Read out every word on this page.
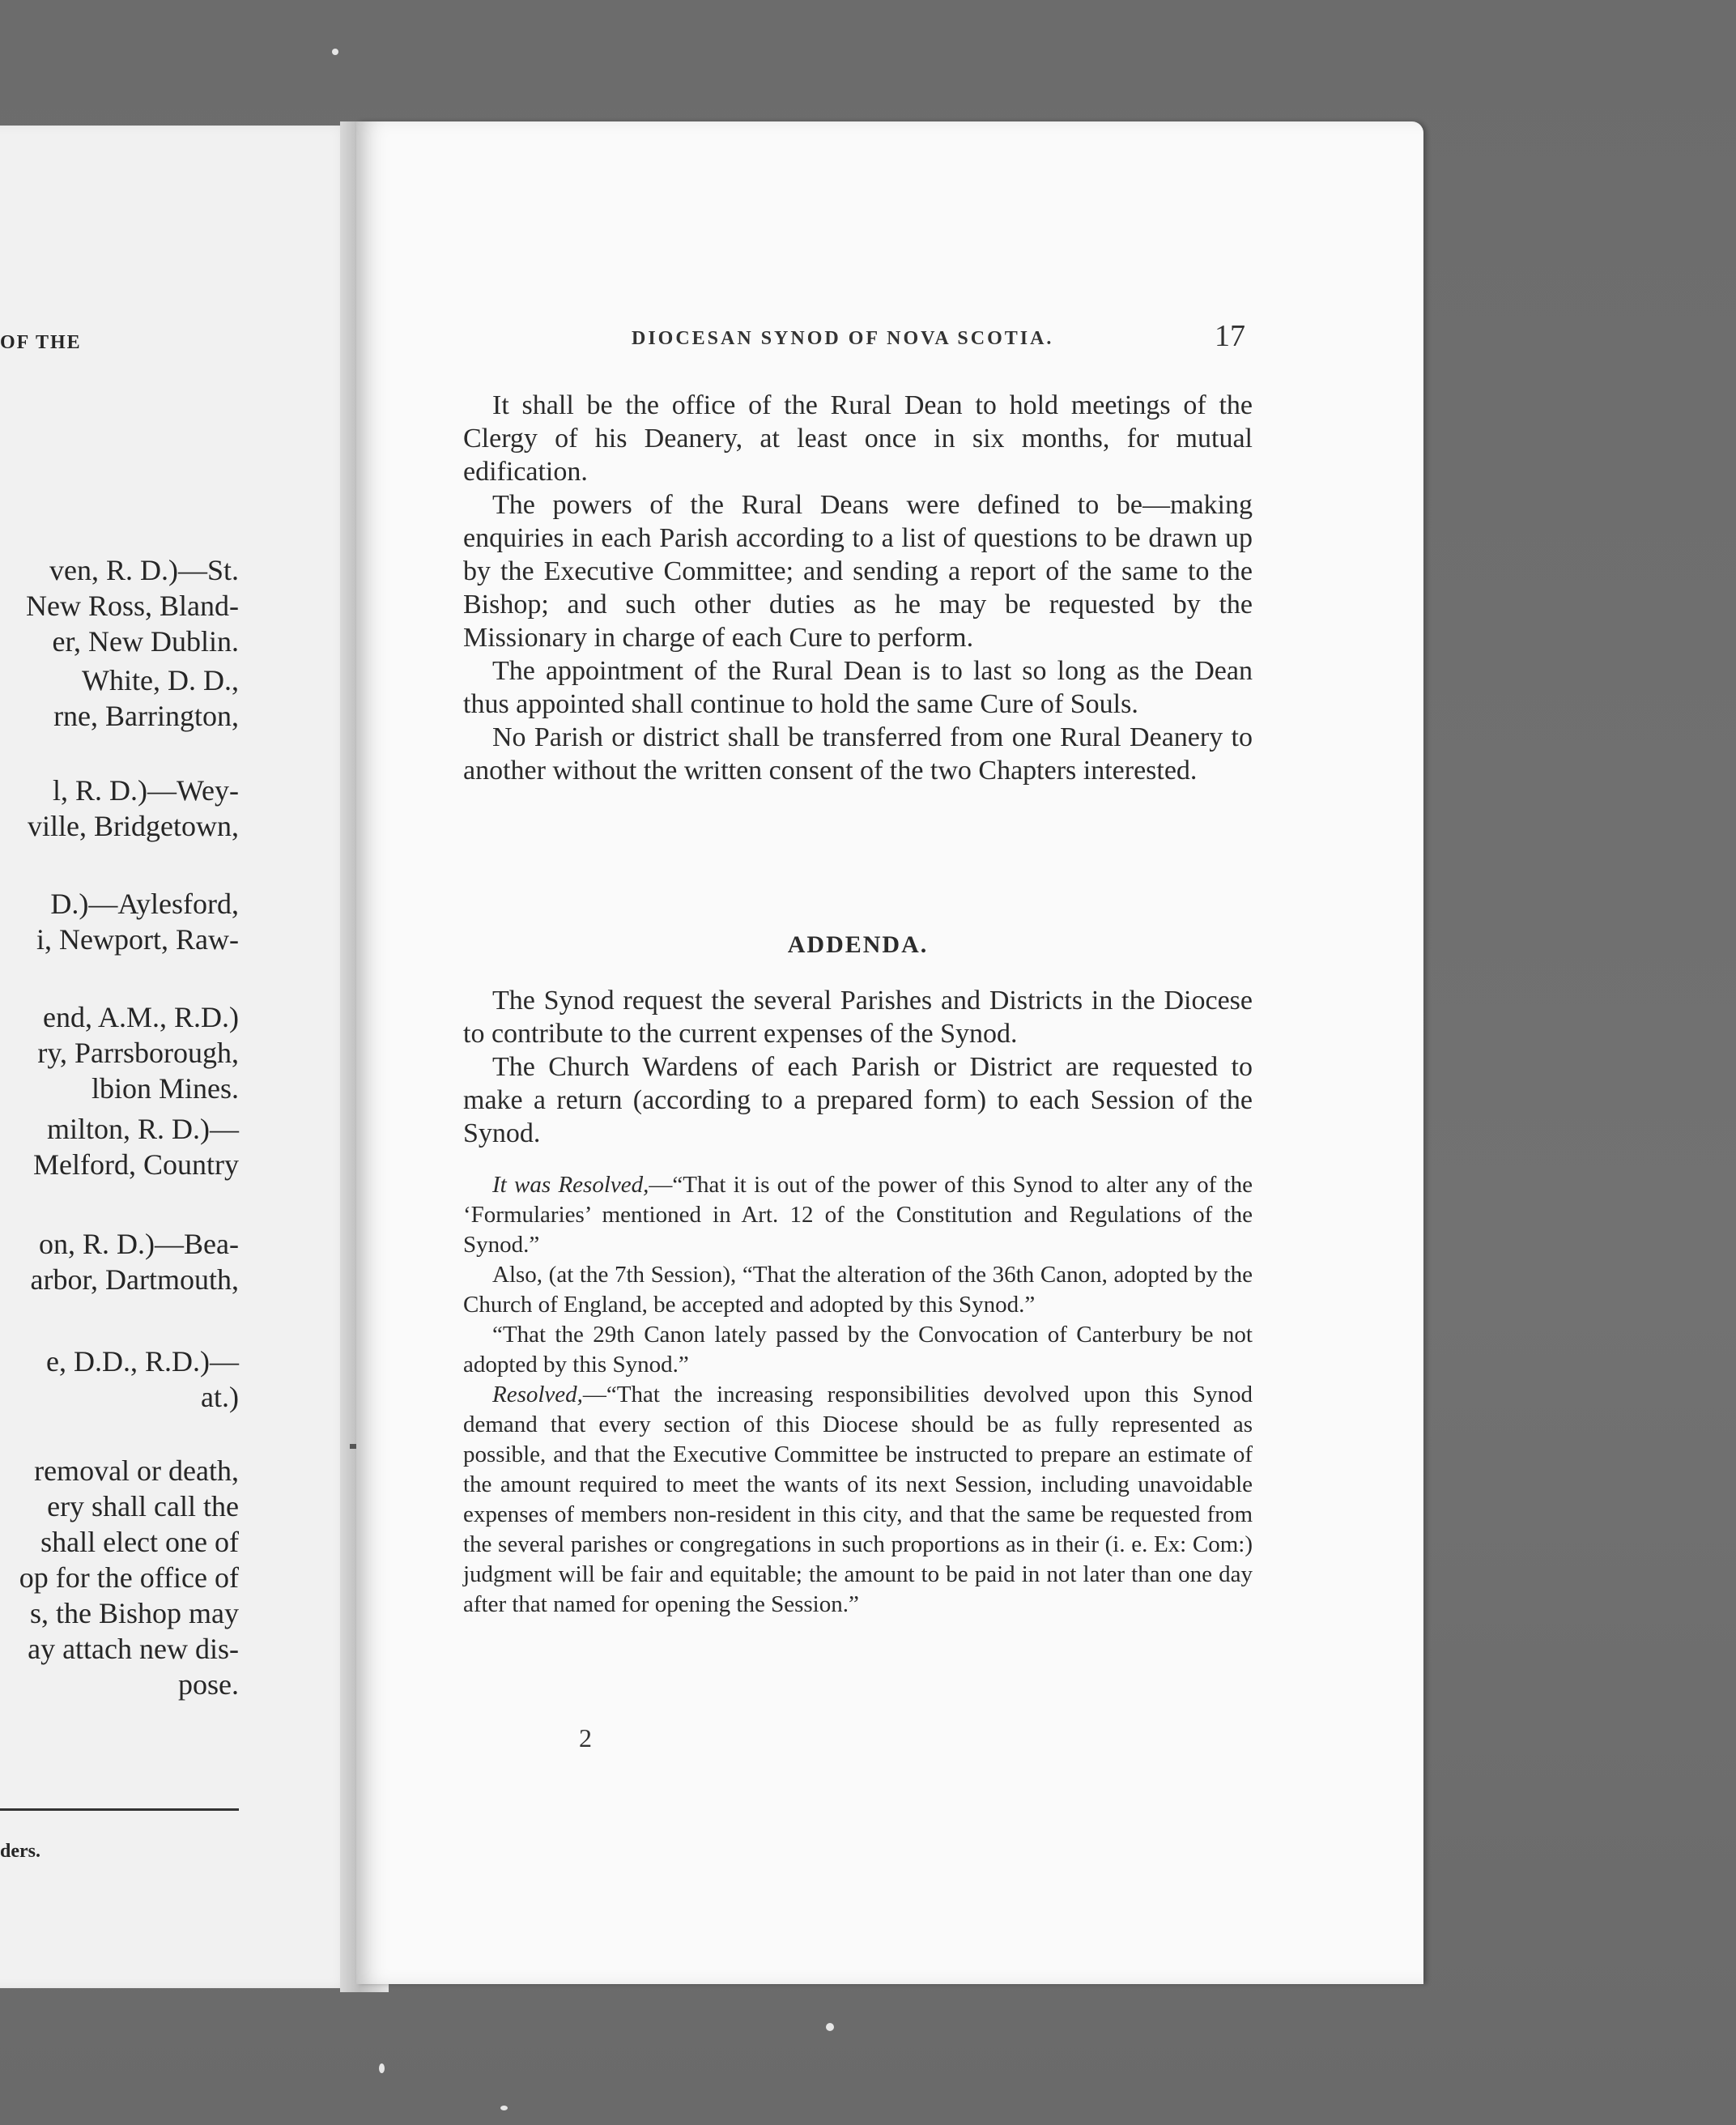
OF THE
ven, R. D.)—St.
New Ross, Bland-
er, New Dublin.
White, D. D.,
rne, Barrington,
l, R. D.)—Wey-
ville, Bridgetown,
D.)—Aylesford,
i, Newport, Raw-
end, A.M., R.D.)
ry, Parrsborough,
lbion Mines.
milton, R. D.)—
Melford, Country
on, R. D.)—Bea-
arbor, Dartmouth,
e, D.D., R.D.)—
at.)
removal or death,
ery shall call the
shall elect one of
op for the office of
s, the Bishop may
ay attach new dis-
pose.
ders.
DIOCESAN SYNOD OF NOVA SCOTIA.	17

It shall be the office of the Rural Dean to hold meetings of the Clergy of his Deanery, at least once in six months, for mutual edification.

The powers of the Rural Deans were defined to be—making enquiries in each Parish according to a list of questions to be drawn up by the Executive Committee; and sending a report of the same to the Bishop; and such other duties as he may be requested by the Missionary in charge of each Cure to perform.

The appointment of the Rural Dean is to last so long as the Dean thus appointed shall continue to hold the same Cure of Souls.

No Parish or district shall be transferred from one Rural Deanery to another without the written consent of the two Chapters interested.

ADDENDA.

The Synod request the several Parishes and Districts in the Diocese to contribute to the current expenses of the Synod.

The Church Wardens of each Parish or District are requested to make a return (according to a prepared form) to each Session of the Synod.

It was Resolved,—“That it is out of the power of this Synod to alter any of the ‘Formularies’ mentioned in Art. 12 of the Constitution and Regulations of the Synod.”

Also, (at the 7th Session), “That the alteration of the 36th Canon, adopted by the Church of England, be accepted and adopted by this Synod.”

“That the 29th Canon lately passed by the Convocation of Canterbury be not adopted by this Synod.”

Resolved,—“That the increasing responsibilities devolved upon this Synod demand that every section of this Diocese should be as fully represented as possible, and that the Executive Committee be instructed to prepare an estimate of the amount required to meet the wants of its next Session, including unavoidable expenses of members non-resident in this city, and that the same be requested from the several parishes or congregations in such proportions as in their (i. e. Ex: Com:) judgment will be fair and equitable; the amount to be paid in not later than one day after that named for opening the Session.”

2
